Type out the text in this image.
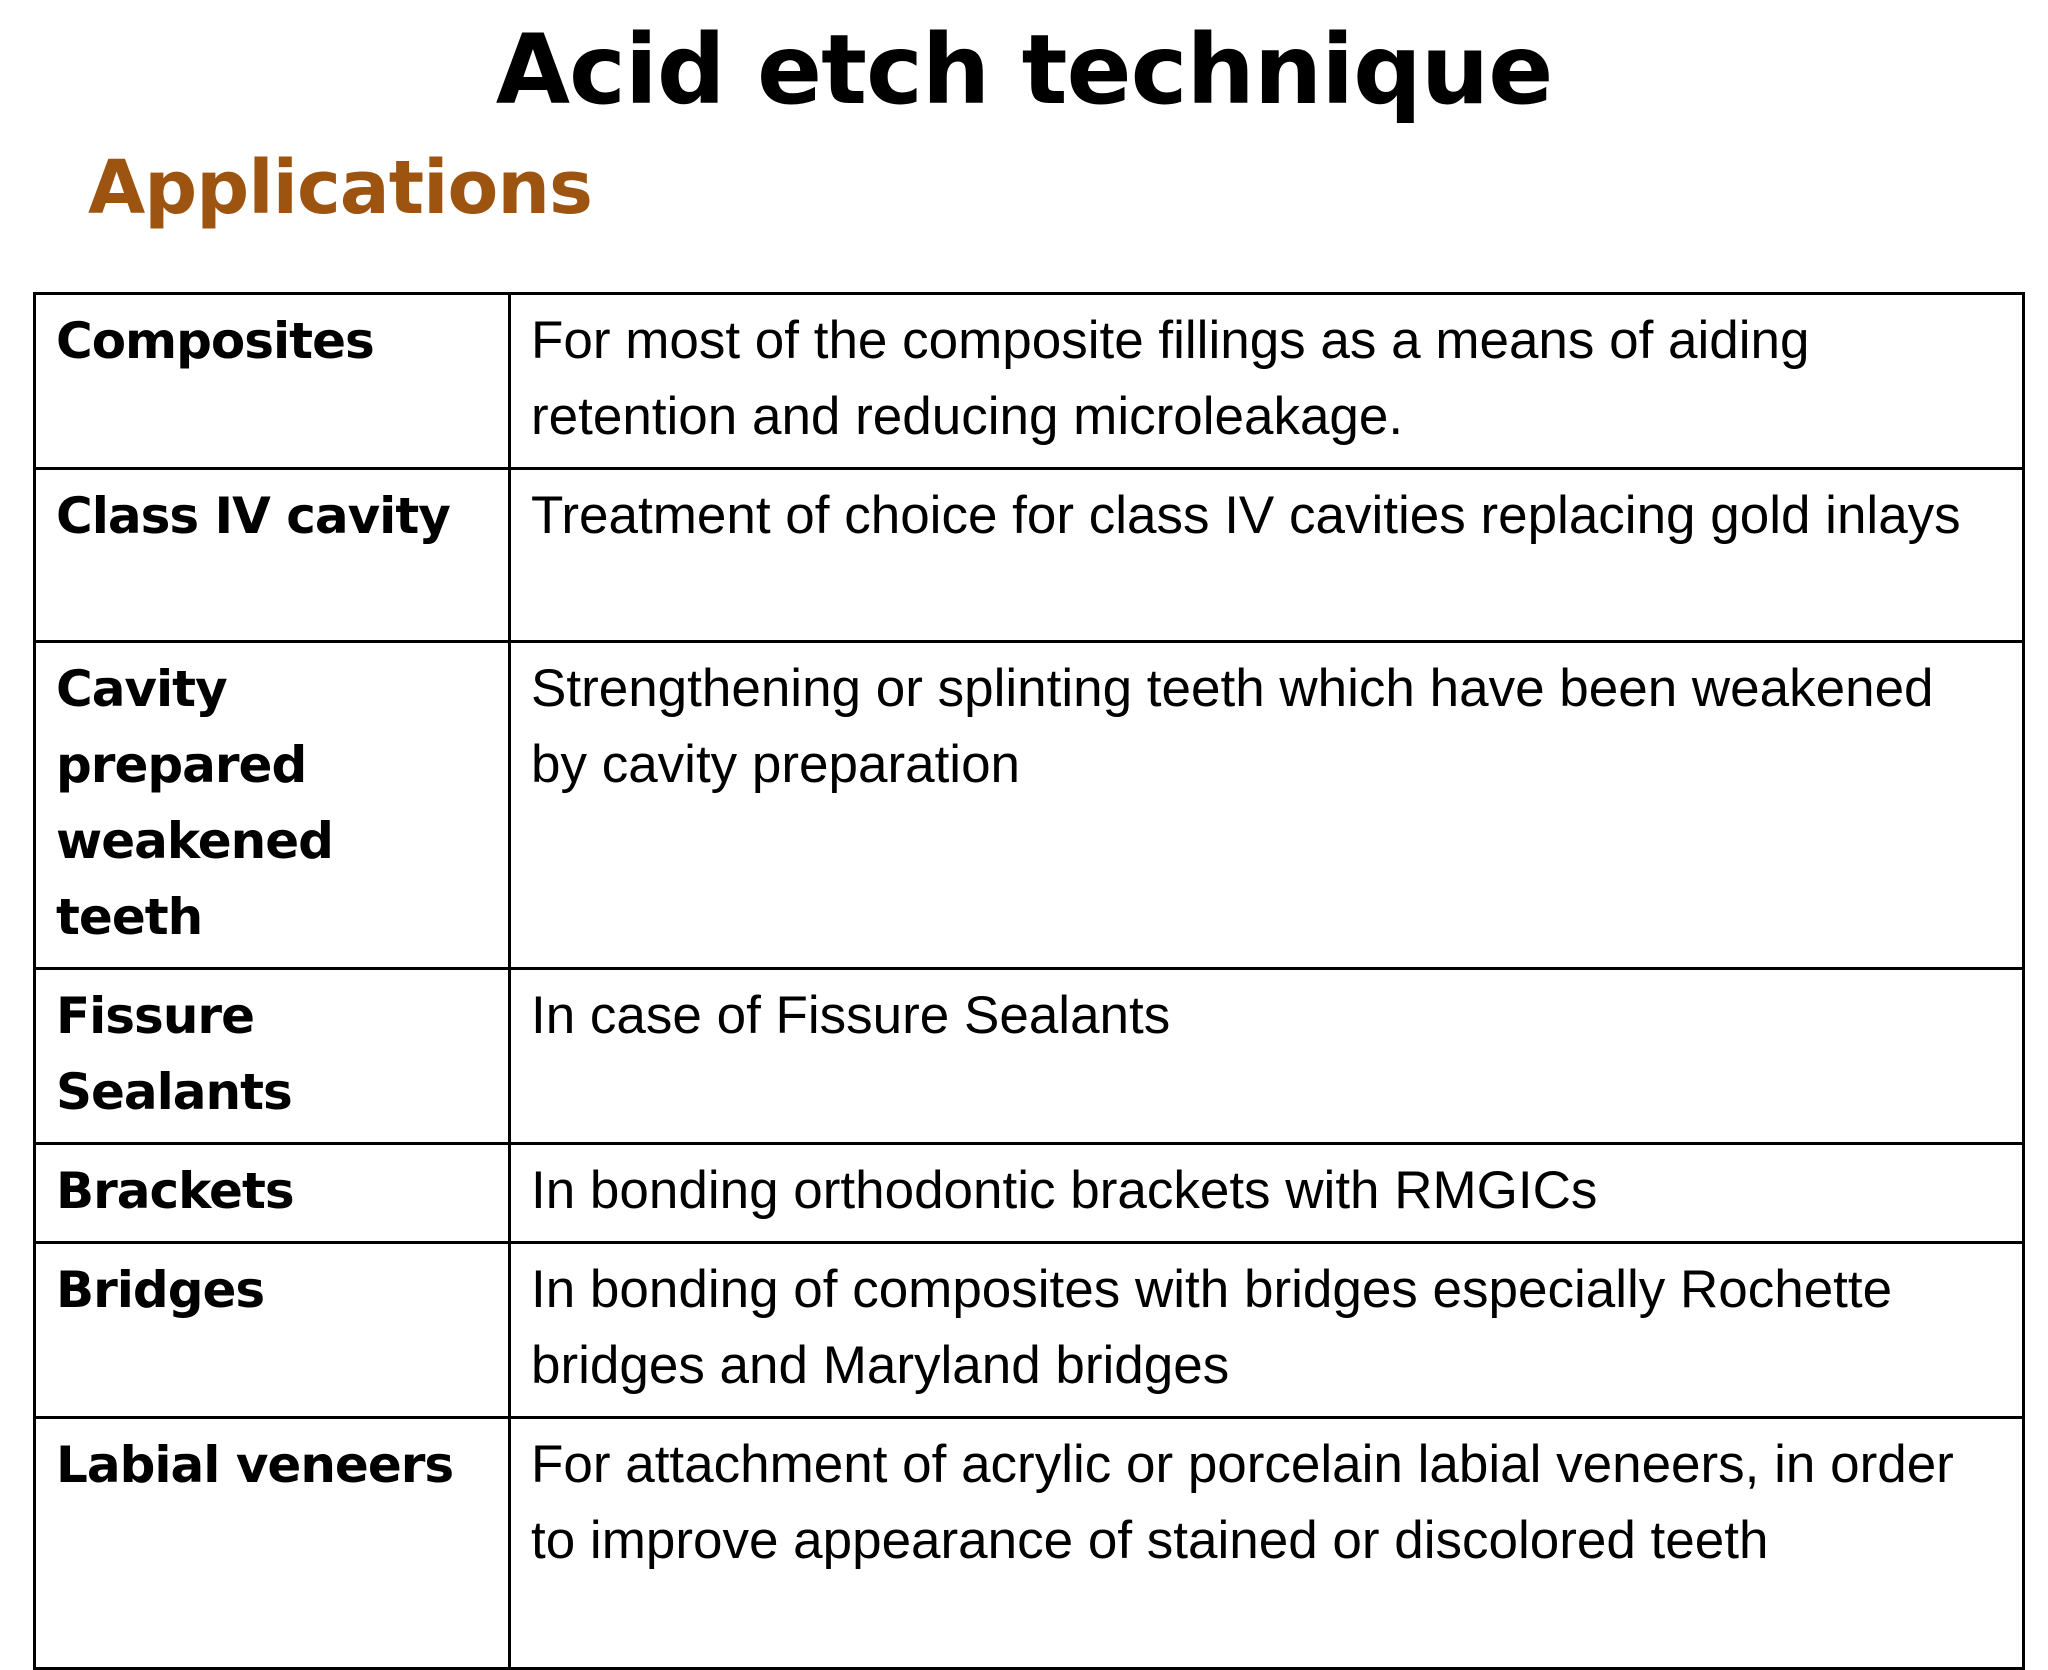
Acid etch technique
Applications
Composites	For most of the composite fillings as a means of aiding retention and reducing microleakage.
Class IV cavity	Treatment of choice for class IV cavities replacing gold inlays
Cavity prepared weakened teeth	Strengthening or splinting teeth which have been weakened by cavity preparation
Fissure Sealants	In case of Fissure Sealants
Brackets	In bonding orthodontic brackets with RMGICs
Bridges	In bonding of composites with bridges especially Rochette bridges and Maryland bridges
Labial veneers	For attachment of acrylic or porcelain labial veneers, in order to improve appearance of stained or discolored teeth
